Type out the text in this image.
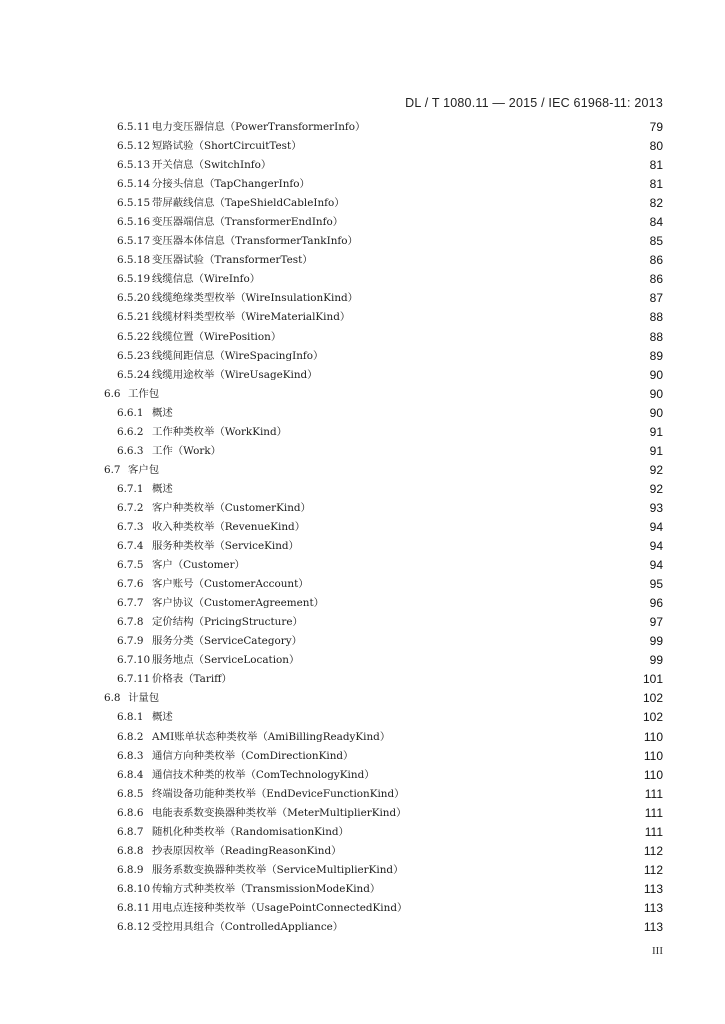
DL / T 1080.11 — 2015 / IEC 61968-11: 2013
6.5.11 电力变压器信息（PowerTransformerInfo）	79
6.5.12 短路试验（ShortCircuitTest）	80
6.5.13 开关信息（SwitchInfo）	81
6.5.14 分接头信息（TapChangerInfo）	81
6.5.15 带屏蔽线信息（TapeShieldCableInfo）	82
6.5.16 变压器端信息（TransformerEndInfo）	84
6.5.17 变压器本体信息（TransformerTankInfo）	85
6.5.18 变压器试验（TransformerTest）	86
6.5.19 线缆信息（WireInfo）	86
6.5.20 线缆绝缘类型枚举（WireInsulationKind）	87
6.5.21 线缆材料类型枚举（WireMaterialKind）	88
6.5.22 线缆位置（WirePosition）	88
6.5.23 线缆间距信息（WireSpacingInfo）	89
6.5.24 线缆用途枚举（WireUsageKind）	90
6.6 工作包	90
6.6.1 概述	90
6.6.2 工作种类枚举（WorkKind）	91
6.6.3 工作（Work）	91
6.7 客户包	92
6.7.1 概述	92
6.7.2 客户种类枚举（CustomerKind）	93
6.7.3 收入种类枚举（RevenueKind）	94
6.7.4 服务种类枚举（ServiceKind）	94
6.7.5 客户（Customer）	94
6.7.6 客户账号（CustomerAccount）	95
6.7.7 客户协议（CustomerAgreement）	96
6.7.8 定价结构（PricingStructure）	97
6.7.9 服务分类（ServiceCategory）	99
6.7.10 服务地点（ServiceLocation）	99
6.7.11 价格表（Tariff）	101
6.8 计量包	102
6.8.1 概述	102
6.8.2 AMI账单状态种类枚举（AmiBillingReadyKind）	110
6.8.3 通信方向种类枚举（ComDirectionKind）	110
6.8.4 通信技术种类的枚举（ComTechnologyKind）	110
6.8.5 终端设备功能种类枚举（EndDeviceFunctionKind）	111
6.8.6 电能表系数变换器种类枚举（MeterMultiplierKind）	111
6.8.7 随机化种类枚举（RandomisationKind）	111
6.8.8 抄表原因枚举（ReadingReasonKind）	112
6.8.9 服务系数变换器种类枚举（ServiceMultiplierKind）	112
6.8.10 传输方式种类枚举（TransmissionModeKind）	113
6.8.11 用电点连接种类枚举（UsagePointConnectedKind）	113
6.8.12 受控用具组合（ControlledAppliance）	113
III
